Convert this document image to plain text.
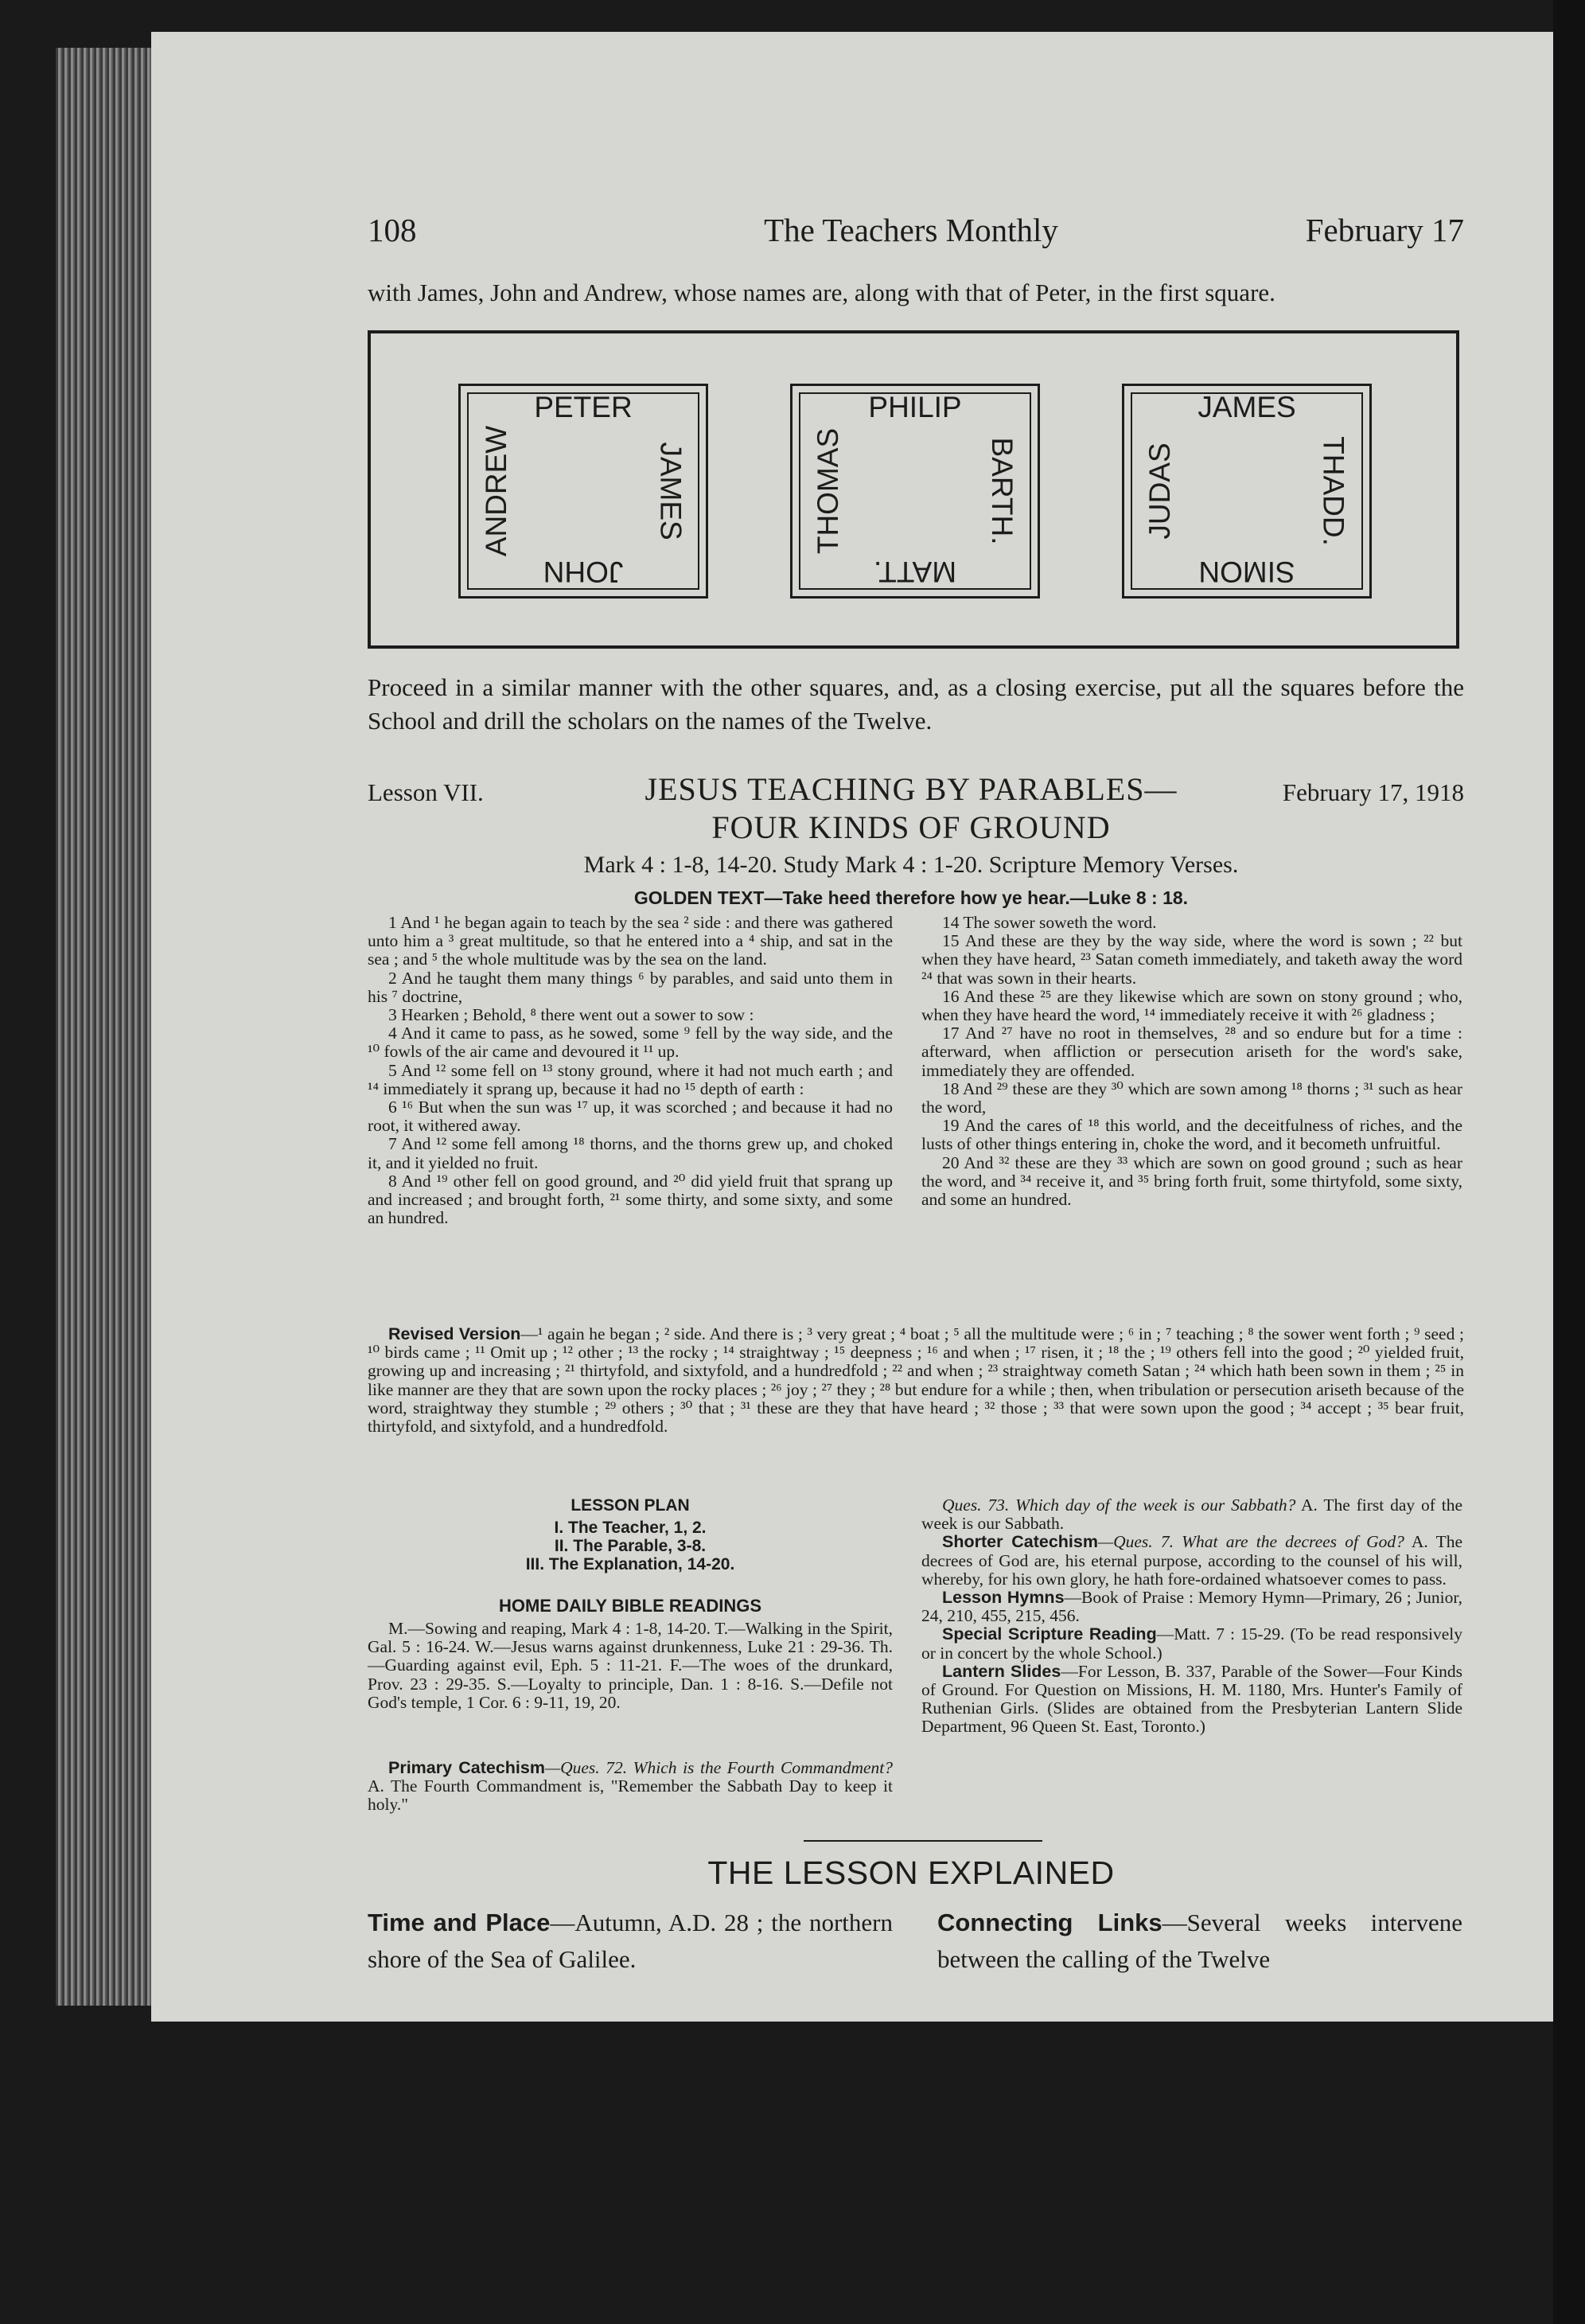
The Teachers Monthly
108	February 17
with James, John and Andrew, whose names are, along with that of Peter, in the first square.
PETER
JAMES
JOHN
ANDREW
PHILIP
BARTH.
MATT.
THOMAS
JAMES
THADD.
SIMON
JUDAS
Proceed in a similar manner with the other squares, and, as a closing exercise, put all the squares before the School and drill the scholars on the names of the Twelve.
Lesson VII.	JESUS TEACHING BY PARABLES—
FOUR KINDS OF GROUND
February 17, 1918
Mark 4 : 1-8, 14-20. Study Mark 4 : 1-20. Scripture Memory Verses.
GOLDEN TEXT—Take heed therefore how ye hear.—Luke 8 : 18.

1 And ¹ he began again to teach by the sea ² side : and there was gathered unto him a ³ great multitude, so that he entered into a ⁴ ship, and sat in the sea ; and ⁵ the whole multitude was by the sea on the land.

2 And he taught them many things ⁶ by parables, and said unto them in his ⁷ doctrine,

3 Hearken ; Behold, ⁸ there went out a sower to sow :

4 And it came to pass, as he sowed, some ⁹ fell by the way side, and the ¹⁰ fowls of the air came and devoured it ¹¹ up.

5 And ¹² some fell on ¹³ stony ground, where it had not much earth ; and ¹⁴ immediately it sprang up, because it had no ¹⁵ depth of earth :

6 ¹⁶ But when the sun was ¹⁷ up, it was scorched ; and because it had no root, it withered away.

7 And ¹² some fell among ¹⁸ thorns, and the thorns grew up, and choked it, and it yielded no fruit.

8 And ¹⁹ other fell on good ground, and ²⁰ did yield fruit that sprang up and increased ; and brought forth, ²¹ some thirty, and some sixty, and some an hundred.

14 The sower soweth the word.

15 And these are they by the way side, where the word is sown ; ²² but when they have heard, ²³ Satan cometh immediately, and taketh away the word ²⁴ that was sown in their hearts.

16 And these ²⁵ are they likewise which are sown on stony ground ; who, when they have heard the word, ¹⁴ immediately receive it with ²⁶ gladness ;

17 And ²⁷ have no root in themselves, ²⁸ and so endure but for a time : afterward, when affliction or persecution ariseth for the word's sake, immediately they are offended.

18 And ²⁹ these are they ³⁰ which are sown among ¹⁸ thorns ; ³¹ such as hear the word,

19 And the cares of ¹⁸ this world, and the deceitfulness of riches, and the lusts of other things entering in, choke the word, and it becometh unfruitful.

20 And ³² these are they ³³ which are sown on good ground ; such as hear the word, and ³⁴ receive it, and ³⁵ bring forth fruit, some thirtyfold, some sixty, and some an hundred.

Revised Version—¹ again he began ; ² side. And there is ; ³ very great ; ⁴ boat ; ⁵ all the multitude were ; ⁶ in ; ⁷ teaching ; ⁸ the sower went forth ; ⁹ seed ; ¹⁰ birds came ; ¹¹ Omit up ; ¹² other ; ¹³ the rocky ; ¹⁴ straightway ; ¹⁵ deepness ; ¹⁶ and when ; ¹⁷ risen, it ; ¹⁸ the ; ¹⁹ others fell into the good ; ²⁰ yielded fruit, growing up and increasing ; ²¹ thirtyfold, and sixtyfold, and a hundredfold ; ²² and when ; ²³ straightway cometh Satan ; ²⁴ which hath been sown in them ; ²⁵ in like manner are they that are sown upon the rocky places ; ²⁶ joy ; ²⁷ they ; ²⁸ but endure for a while ; then, when tribulation or persecution ariseth because of the word, straightway they stumble ; ²⁹ others ; ³⁰ that ; ³¹ these are they that have heard ; ³² those ; ³³ that were sown upon the good ; ³⁴ accept ; ³⁵ bear fruit, thirtyfold, and sixtyfold, and a hundredfold.
LESSON PLAN
I. The Teacher, 1, 2.
II. The Parable, 3-8.
III. The Explanation, 14-20.
HOME DAILY BIBLE READINGS
M.—Sowing and reaping, Mark 4 : 1-8, 14-20. T.—Walking in the Spirit, Gal. 5 : 16-24. W.—Jesus warns against drunkenness, Luke 21 : 29-36. Th.—Guarding against evil, Eph. 5 : 11-21. F.—The woes of the drunkard, Prov. 23 : 29-35. S.—Loyalty to principle, Dan. 1 : 8-16. S.—Defile not God's temple, 1 Cor. 6 : 9-11, 19, 20.
Primary Catechism—Ques. 72. Which is the Fourth Commandment? A. The Fourth Commandment is, "Remember the Sabbath Day to keep it holy."

Ques. 73. Which day of the week is our Sabbath? A. The first day of the week is our Sabbath.

Shorter Catechism—Ques. 7. What are the decrees of God? A. The decrees of God are, his eternal purpose, according to the counsel of his will, whereby, for his own glory, he hath fore-ordained whatsoever comes to pass.

Lesson Hymns—Book of Praise : Memory Hymn—Primary, 26 ; Junior, 24, 210, 455, 215, 456.

Special Scripture Reading—Matt. 7 : 15-29. (To be read responsively or in concert by the whole School.)

Lantern Slides—For Lesson, B. 337, Parable of the Sower—Four Kinds of Ground. For Question on Missions, H. M. 1180, Mrs. Hunter's Family of Ruthenian Girls. (Slides are obtained from the Presbyterian Lantern Slide Department, 96 Queen St. East, Toronto.)

THE LESSON EXPLAINED
Time and Place—Autumn, A.D. 28 ; the northern shore of the Sea of Galilee.
Connecting Links—Several weeks intervene between the calling of the Twelve
